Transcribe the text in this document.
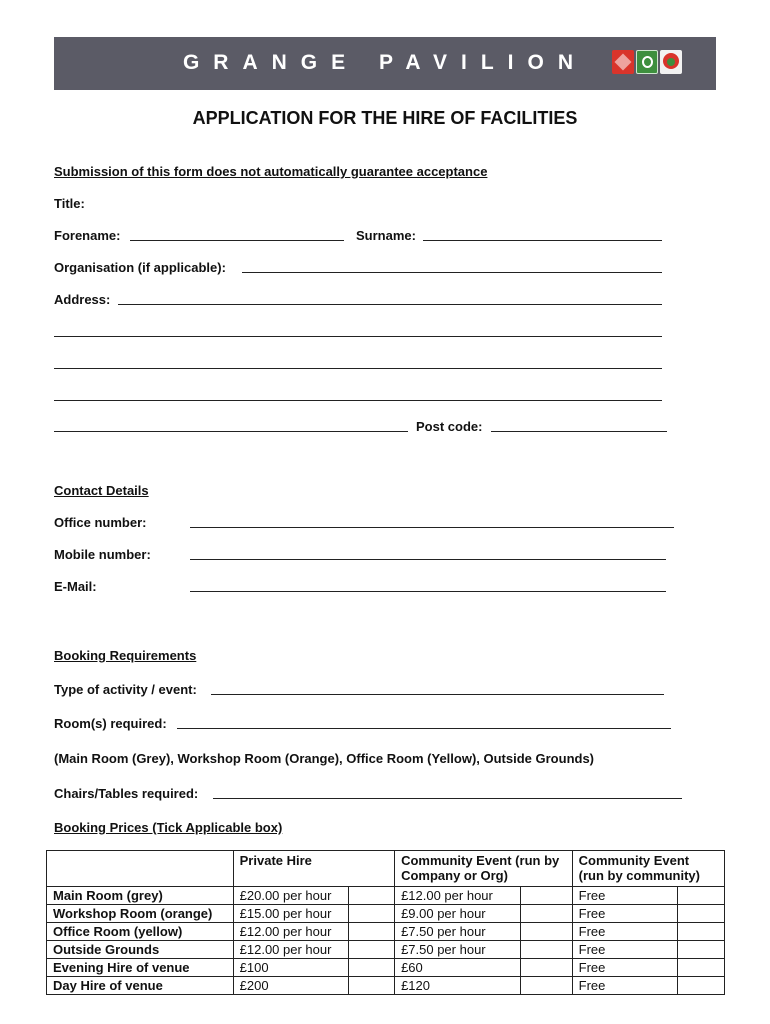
GRANGE PAVILION
APPLICATION FOR THE HIRE OF FACILITIES
Submission of this form does not automatically guarantee acceptance
Title:
Forename:	Surname:
Organisation (if applicable):
Address:
Post code:
Contact Details
Office number:
Mobile number:
E-Mail:
Booking Requirements
Type of activity / event:
Room(s) required:
(Main Room (Grey), Workshop Room (Orange), Office Room (Yellow), Outside Grounds)
Chairs/Tables required:
Booking Prices (Tick Applicable box)
	Private Hire		Community Event (run by Company or Org)		Community Event (run by community)	
Main Room (grey)	£20.00 per hour		£12.00 per hour		Free	
Workshop Room (orange)	£15.00 per hour		£9.00 per hour		Free	
Office Room (yellow)	£12.00 per hour		£7.50 per hour		Free	
Outside Grounds	£12.00 per hour		£7.50 per hour		Free	
Evening Hire of venue	£100		£60		Free	
Day Hire of venue	£200		£120		Free	
